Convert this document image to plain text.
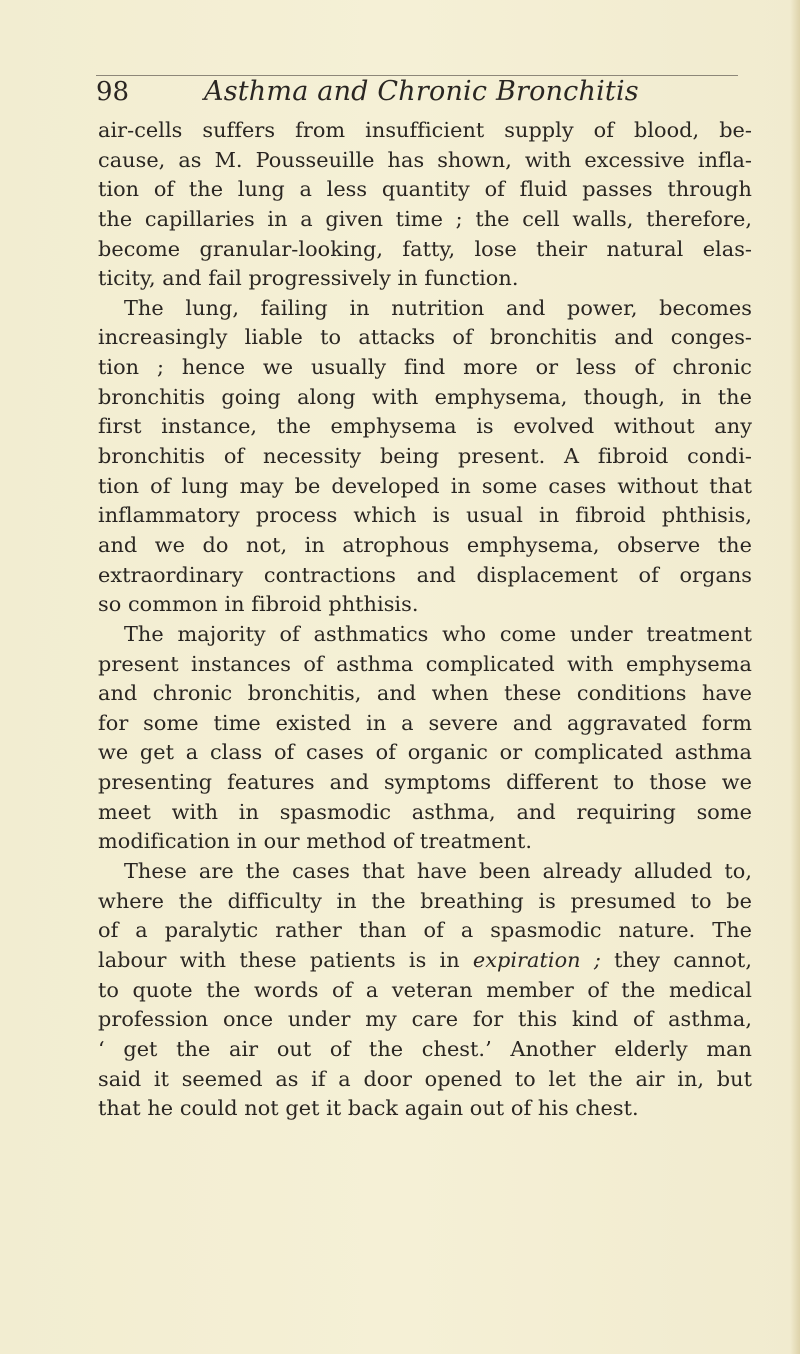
98	Asthma and Chronic Bronchitis
air-cells suffers from insufficient supply of blood, be-
cause, as M. Pousseuille has shown, with excessive infla-
tion of the lung a less quantity of fluid passes through
the capillaries in a given time ; the cell walls, therefore,
become granular-looking, fatty, lose their natural elas-
ticity, and fail progressively in function.
The lung, failing in nutrition and power, becomes
increasingly liable to attacks of bronchitis and conges-
tion ; hence we usually find more or less of chronic
bronchitis going along with emphysema, though, in the
first instance, the emphysema is evolved without any
bronchitis of necessity being present. A fibroid condi-
tion of lung may be developed in some cases without that
inflammatory process which is usual in fibroid phthisis,
and we do not, in atrophous emphysema, observe the
extraordinary contractions and displacement of organs
so common in fibroid phthisis.
The majority of asthmatics who come under treatment
present instances of asthma complicated with emphysema
and chronic bronchitis, and when these conditions have
for some time existed in a severe and aggravated form
we get a class of cases of organic or complicated asthma
presenting features and symptoms different to those we
meet with in spasmodic asthma, and requiring some
modification in our method of treatment.
These are the cases that have been already alluded to,
where the difficulty in the breathing is presumed to be
of a paralytic rather than of a spasmodic nature. The
labour with these patients is in expiration ; they cannot,
to quote the words of a veteran member of the medical
profession once under my care for this kind of asthma,
‘ get the air out of the chest.’ Another elderly man
said it seemed as if a door opened to let the air in, but
that he could not get it back again out of his chest.
